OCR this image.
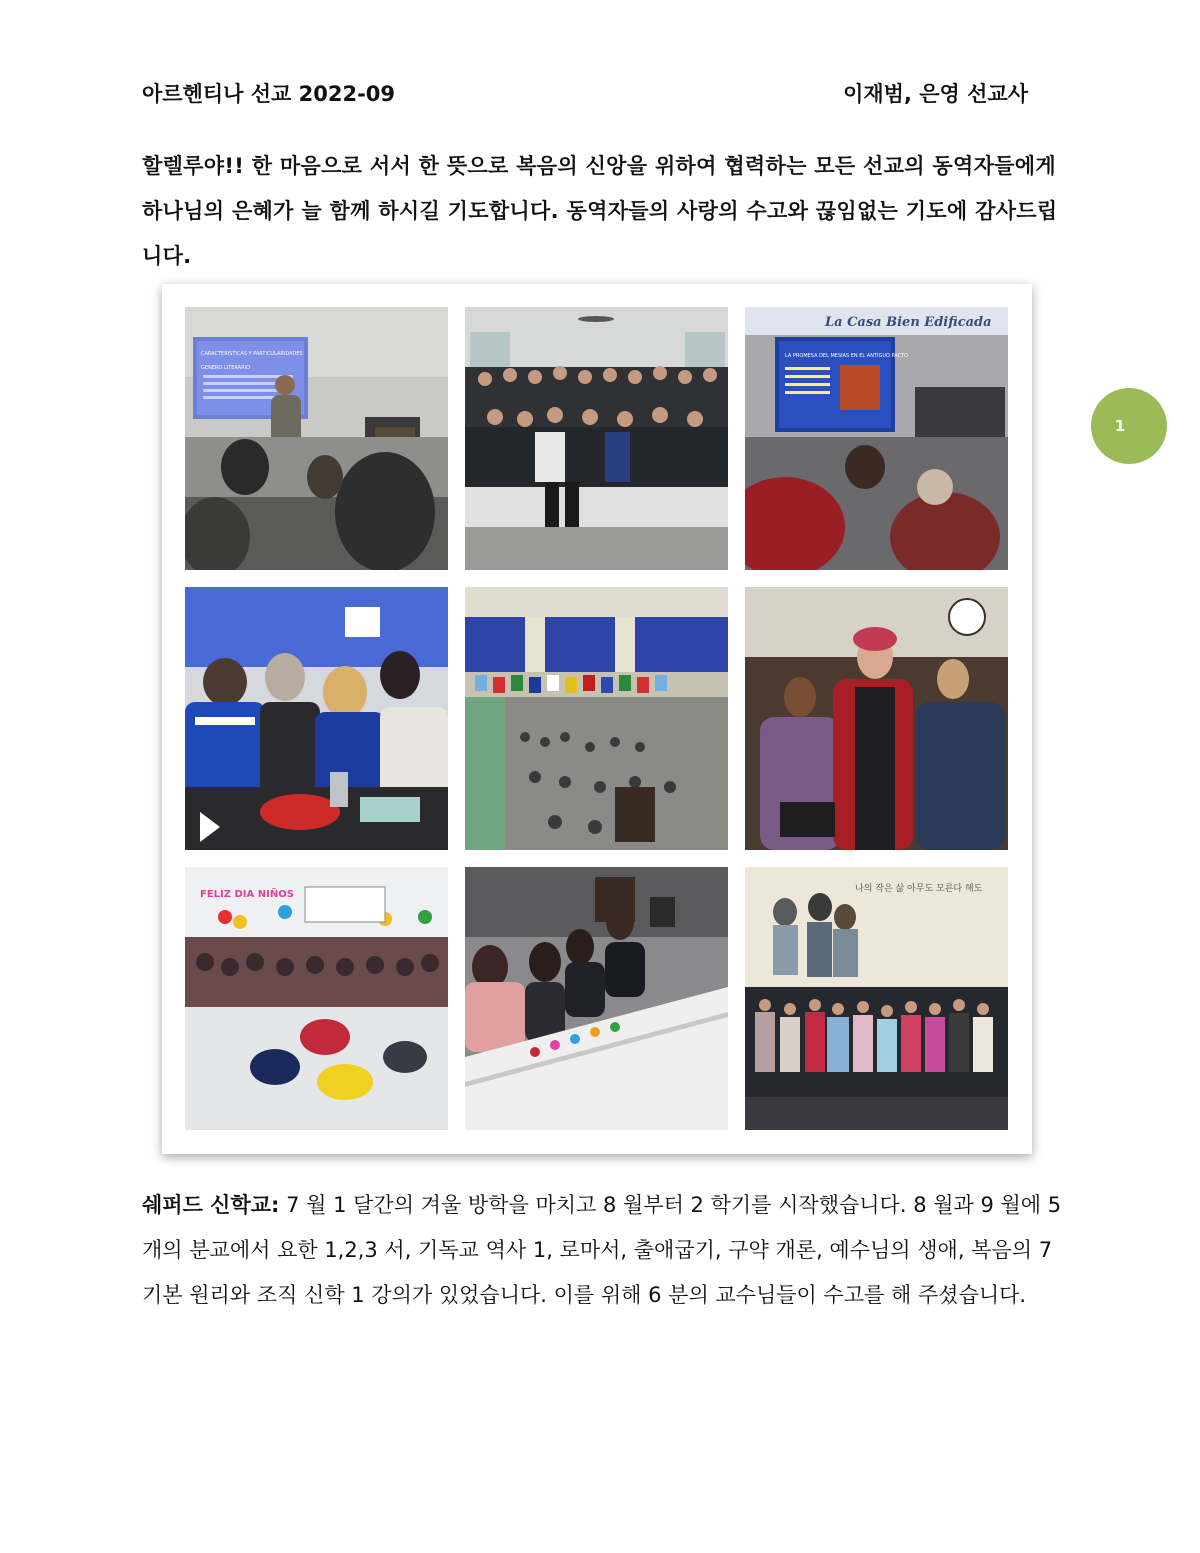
아르헨티나 선교 2022-09	이재범, 은영 선교사
할렐루야!! 한 마음으로 서서 한 뜻으로 복음의 신앙을 위하여 협력하는 모든 선교의 동역자들에게 하나님의 은혜가 늘 함께 하시길 기도합니다. 동역자들의 사랑의 수고와 끊임없는 기도에 감사드립니다.
1
CARACTERISTICAS Y PARTICULARIDADES
GENERO LITERARIO
La Casa Bien Edificada
LA PROMESA DEL MESIAS EN EL ANTIGUO PACTO
FELIZ DIA NIÑOS	나의 작은 삶 아무도 모른다 해도
쉐퍼드 신학교: 7 월 1 달간의 겨울 방학을 마치고 8 월부터 2 학기를 시작했습니다. 8 월과 9 월에 5 개의 분교에서 요한 1,2,3 서, 기독교 역사 1, 로마서, 출애굽기, 구약 개론, 예수님의 생애, 복음의 7 기본 원리와 조직 신학 1 강의가 있었습니다. 이를 위해 6 분의 교수님들이 수고를 해 주셨습니다.
